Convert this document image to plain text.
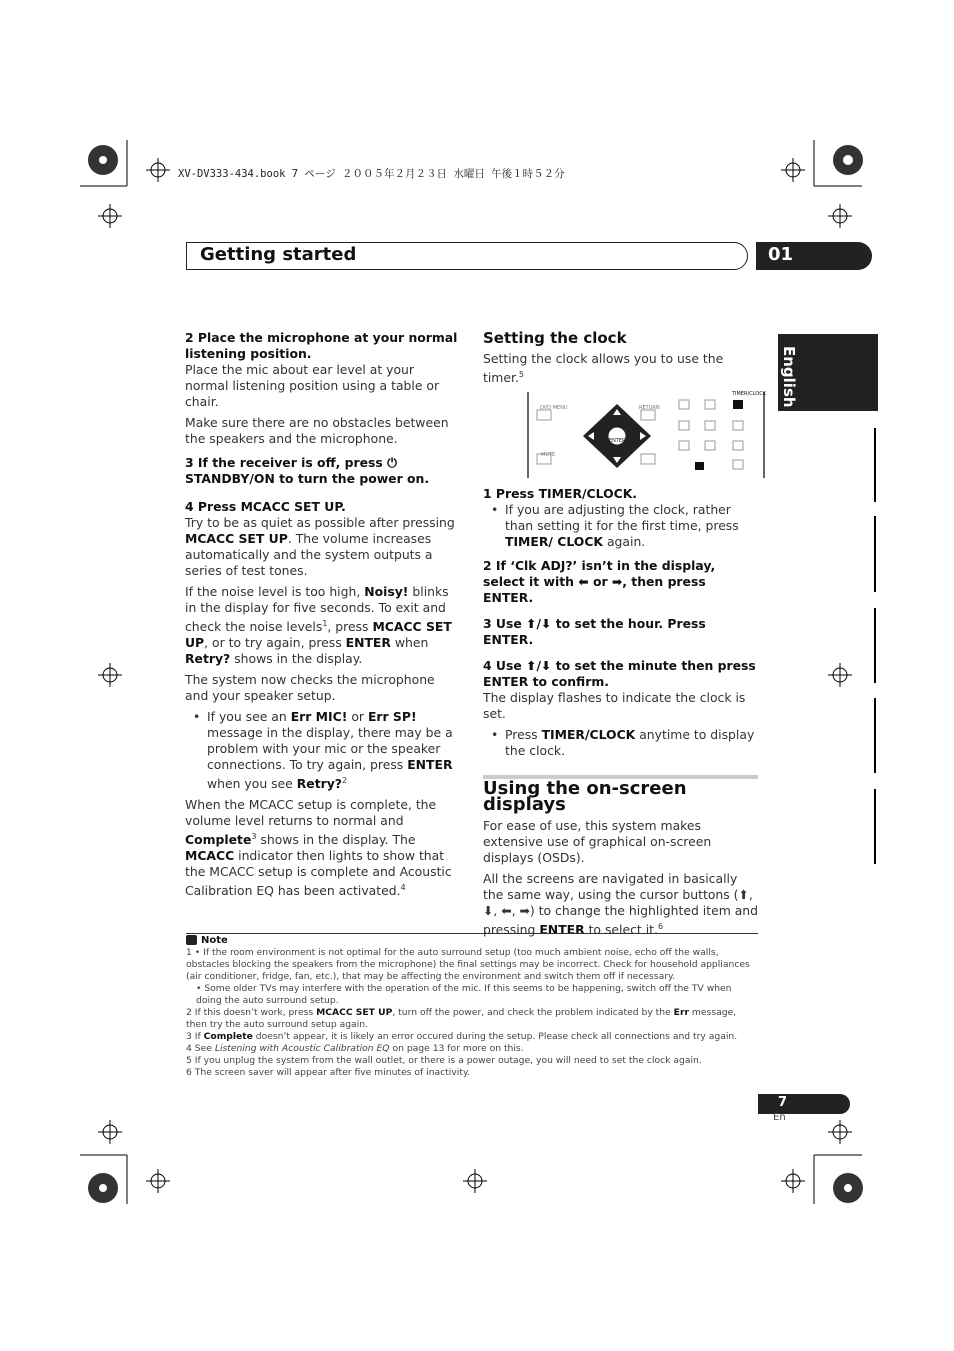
XV-DV333-434.book 7 ページ ２００５年２月２３日 水曜日 午後１時５２分
Getting started	01
English

2 Place the microphone at your normal listening position.

Place the mic about ear level at your normal listening position using a table or chair.

Make sure there are no obstacles between the speakers and the microphone.

3 If the receiver is off, press ⏻ STANDBY/ON to turn the power on.

4 Press MCACC SET UP.

Try to be as quiet as possible after pressing MCACC SET UP. The volume increases automatically and the system outputs a series of test tones.

If the noise level is too high, Noisy! blinks in the display for five seconds. To exit and check the noise levels$^1$, press MCACC SET UP, or to try again, press ENTER when Retry? shows in the display.

The system now checks the microphone and your speaker setup.

• If you see an Err MIC! or Err SP! message in the display, there may be a problem with your mic or the speaker connections. To try again, press ENTER when you see Retry?$^2$

When the MCACC setup is complete, the volume level returns to normal and Complete$^3$ shows in the display. The MCACC indicator then lights to show that the MCACC setup is complete and Acoustic Calibration EQ has been activated.$^4$

Setting the clock

Setting the clock allows you to use the timer.$^5$

DVD MENU	RETURN
MUTE
ENTER
TIMER/CLOCK

1 Press TIMER/CLOCK.

• If you are adjusting the clock, rather than setting it for the first time, press TIMER/ CLOCK again.

2 If ‘Clk ADJ?’ isn’t in the display, select it with ⬅ or ➡, then press ENTER.

3 Use ⬆/⬇ to set the hour. Press ENTER.

4 Use ⬆/⬇ to set the minute then press ENTER to confirm.

The display flashes to indicate the clock is set.

• Press TIMER/CLOCK anytime to display the clock.

Using the on-screen displays

For ease of use, this system makes extensive use of graphical on-screen displays (OSDs).

All the screens are navigated in basically the same way, using the cursor buttons (⬆, ⬇, ⬅, ➡) to change the highlighted item and pressing ENTER to select it.$^6$

Note

1 • If the room environment is not optimal for the auto surround setup (too much ambient noise, echo off the walls, obstacles blocking the speakers from the microphone) the final settings may be incorrect. Check for household appliances (air conditioner, fridge, fan, etc.), that may be affecting the environment and switch them off if necessary.

• Some older TVs may interfere with the operation of the mic. If this seems to be happening, switch off the TV when doing the auto surround setup.

2 If this doesn’t work, press MCACC SET UP, turn off the power, and check the problem indicated by the Err message, then try the auto surround setup again.

3 If Complete doesn’t appear, it is likely an error occured during the setup. Please check all connections and try again.

4 See Listening with Acoustic Calibration EQ on page 13 for more on this.

5 If you unplug the system from the wall outlet, or there is a power outage, you will need to set the clock again.

6 The screen saver will appear after five minutes of inactivity.

7
En
